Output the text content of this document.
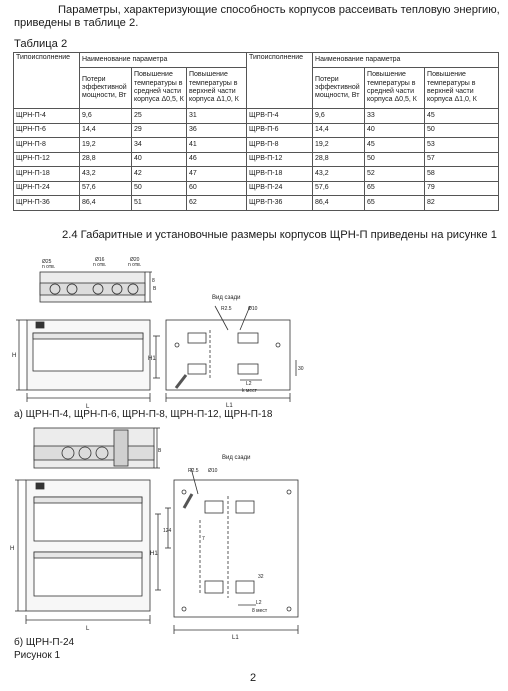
Параметры, характеризующие способность корпусов рассеивать тепловую энергию,
приведены в таблице 2.
Таблица 2
Типоисполнение	Наименование параметра			Типоисполнение	Наименование параметра		
	Потери эффективной мощности, Вт	Повышение температуры в средней части корпуса Δ0,5, К	Повышение температуры в верхней части корпуса Δ1,0, К		Потери эффективной мощности, Вт	Повышение температуры в средней части корпуса Δ0,5, К	Повышение температуры в верхней части корпуса Δ1,0, К
ЩРН-П-4	9,6	25	31	ЩРВ-П-4	9,6	33	45
ЩРН-П-6	14,4	29	36	ЩРВ-П-6	14,4	40	50
ЩРН-П-8	19,2	34	41	ЩРВ-П-8	19,2	45	53
ЩРН-П-12	28,8	40	46	ЩРВ-П-12	28,8	50	57
ЩРН-П-18	43,2	42	47	ЩРВ-П-18	43,2	52	58
ЩРН-П-24	57,6	50	60	ЩРВ-П-24	57,6	65	79
ЩРН-П-36	86,4	51	62	ЩРВ-П-36	86,4	65	82
2.4 Габаритные и установочные размеры корпусов ЩРН-П приведены на рисунке 1
Ø25
n отв.
Ø16
n отв.
Ø20
n отв.
B
8
H
L
Вид сзади
R2.5	Ø10
H1
L1
L2
k мест
30
H
L
B
Вид сзади
R2.5 Ø10
124
H1
7
32
L2
8 мест
L1
а) ЩРН-П-4, ЩРН-П-6, ЩРН-П-8, ЩРН-П-12, ЩРН-П-18
б) ЩРН-П-24
Рисунок 1
2
